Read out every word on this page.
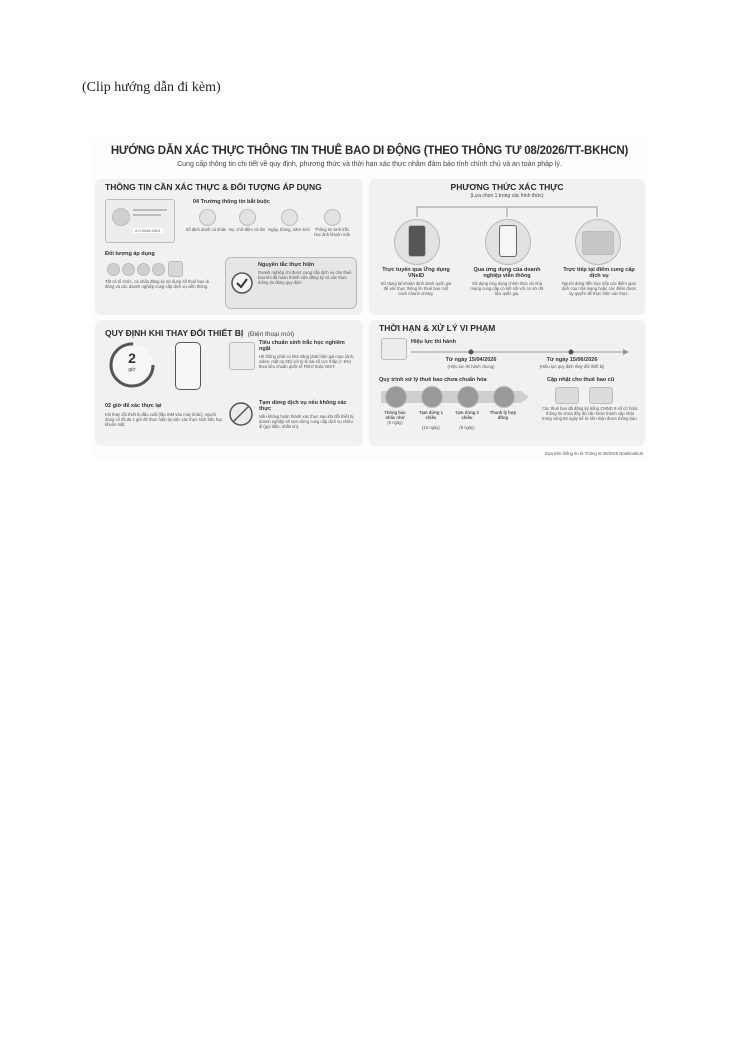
(Clip hướng dẫn đi kèm)
HƯỚNG DẪN XÁC THỰC THÔNG TIN THUÊ BAO DI ĐỘNG (THEO THÔNG TƯ 08/2026/TT-BKHCN)
Cung cấp thông tin chi tiết về quy định, phương thức và thời hạn xác thực nhằm đảm bảo tính chính chủ và an toàn pháp lý.
THÔNG TIN CẦN XÁC THỰC & ĐỐI TƯỢNG ÁP DỤNG
0.0.5048.2001
04 Trường thông tin bắt buộc
Số định danh cá nhân Họ, chữ đệm và tên Ngày, tháng, năm sinh	Thông tin sinh trắc học ảnh khuôn mặt
Đối tượng áp dụng
Tất cả tổ chức, cá nhân đăng ký sử dụng số thuê bao di động và các doanh nghiệp cung cấp dịch vụ viễn thông.
Nguyên tắc thực hiện
Doanh nghiệp chỉ được cung cấp dịch vụ cho thuê bao khi đã hoàn thành việc đăng ký và xác thực thông tin đúng quy định.
PHƯƠNG THỨC XÁC THỰC
(Lựa chọn 1 trong các hình thức)
Trực tuyến qua Ứng dụng VNeID
Sử dụng tài khoản định danh quốc gia để xác thực thông tin thuê bao một cách nhanh chóng.
Qua ứng dụng của doanh nghiệp viễn thông
Sử dụng ứng dụng chính thức do nhà mạng cung cấp có kết nối với cơ sở dữ liệu quốc gia.
Trực tiếp tại điểm cung cấp dịch vụ
Người dùng đến trực tiếp các điểm giao dịch của nhà mạng hoặc các điểm được ủy quyền để thực hiện xác thực.
QUY ĐỊNH KHI THAY ĐỔI THIẾT BỊ (Điện thoại mới)
2
giờ
02 giờ để xác thực lại
Khi thay đổi thiết bị đầu cuối (lắp SIM vào máy khác), người dùng có tối đa 2 giờ để thực hiện lại việc xác thực sinh trắc học khuôn mặt.
Tiêu chuẩn sinh trắc học nghiêm ngặt
Hệ thống phải có khả năng phát hiện giả mạo (ảnh, video, mặt nạ 3D) với tỷ lệ sai số cực thấp (< 5%) theo tiêu chuẩn quốc tế FIDO hoặc NIST.
Tạm dừng dịch vụ nếu không xác thực
Nếu không hoàn thành xác thực sau khi đổi thiết bị, doanh nghiệp sẽ tạm dừng cung cấp dịch vụ chiều đi (gọi điện, nhắn tin).
THỜI HẠN & XỬ LÝ VI PHẠM
Hiệu lực thi hành
Từ ngày 15/04/2026
(Hiệu lực thi hành chung)
Từ ngày 15/06/2026
(Hiệu lực quy định thay đổi thiết bị)
Quy trình xử lý thuê bao chưa chuẩn hóa
Thông báo nhắc nhở
(5 ngày)
Tạm dừng 1 chiều
(10 ngày)
Tạm dừng 2 chiều
(5 ngày)
Thanh lý hợp đồng
Cập nhật cho thuê bao cũ
Các thuê bao đã đăng ký bằng CMND 9 số cũ hoặc thông tin chưa đầy đủ cần hoàn thành cập nhật trong vòng 60 ngày kể từ khi nhận được thông báo.
Dựa trên thông tin từ Thông tư 08/2026 NotebookLM
